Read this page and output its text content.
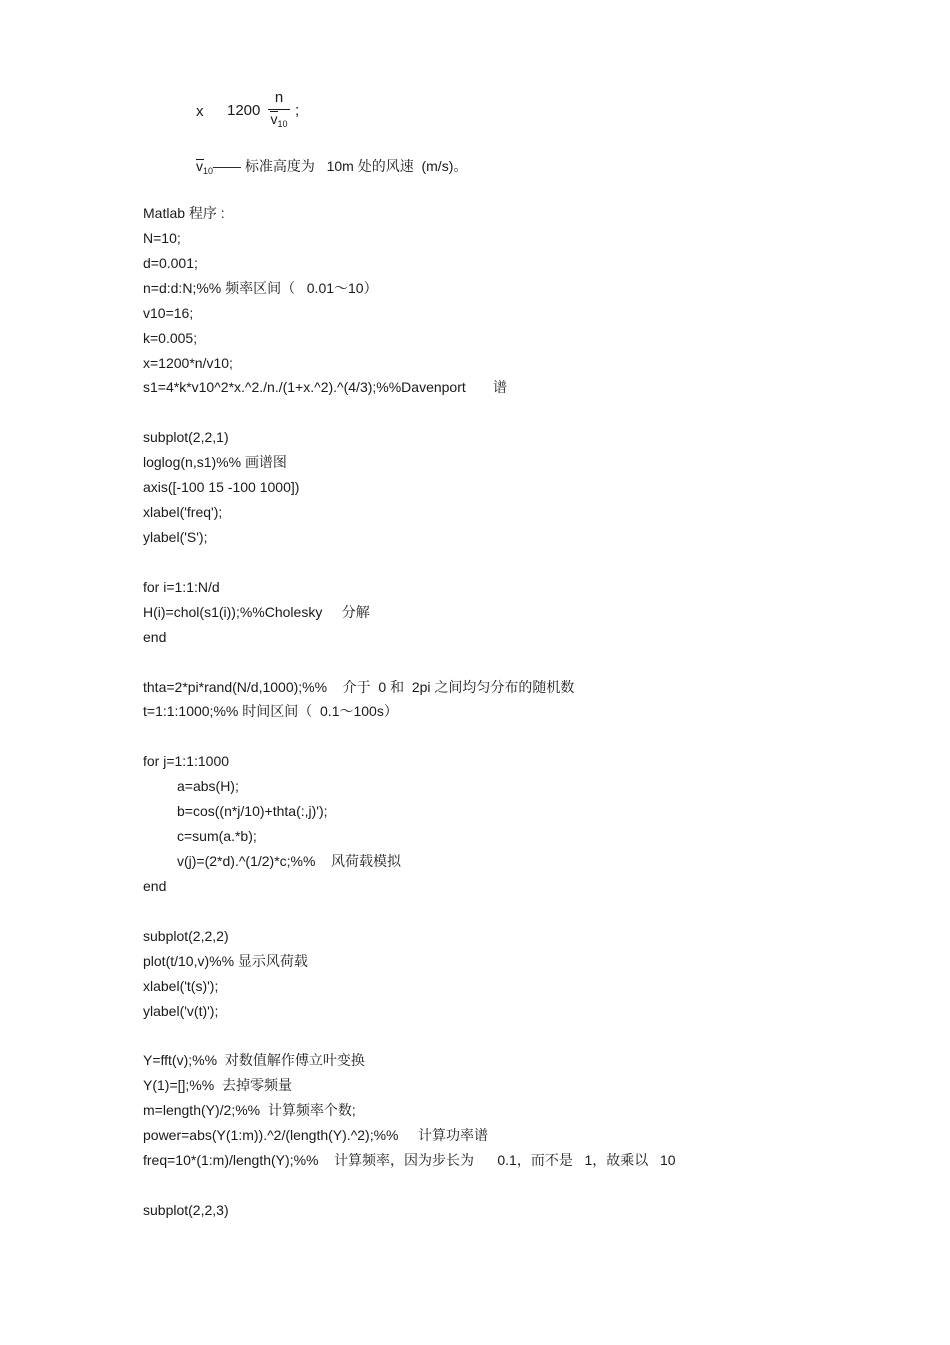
x 1200
n
$v_{10}$
;
$v_{10}——$ 标准高度为   10m 处的风速  (m/s)。
Matlab 程序 :
N=10;
d=0.001;
n=d:d:N;%% 频率区间（   0.01～10）
v10=16;
k=0.005;
x=1200*n/v10;
s1=4*k*v10^2*x.^2./n./(1+x.^2).^(4/3);%%Davenport       谱
subplot(2,2,1)
loglog(n,s1)%% 画谱图
axis([-100 15 -100 1000])
xlabel('freq');
ylabel('S');
for i=1:1:N/d
H(i)=chol(s1(i));%%Cholesky     分解
end
thta=2*pi*rand(N/d,1000);%%    介于  0 和  2pi 之间均匀分布的随机数
t=1:1:1000;%% 时间区间（  0.1～100s）
for j=1:1:1000
a=abs(H);
b=cos((n*j/10)+thta(:,j)');
c=sum(a.*b);
v(j)=(2*d).^(1/2)*c;%%    风荷载模拟
end
subplot(2,2,2)
plot(t/10,v)%% 显示风荷载
xlabel('t(s)');
ylabel('v(t)');
Y=fft(v);%%  对数值解作傅立叶变换
Y(1)=[];%%  去掉零频量
m=length(Y)/2;%%  计算频率个数;
power=abs(Y(1:m)).^2/(length(Y).^2);%%     计算功率谱
freq=10*(1:m)/length(Y);%%    计算频率，因为步长为      0.1，而不是   1，故乘以   10
subplot(2,2,3)
